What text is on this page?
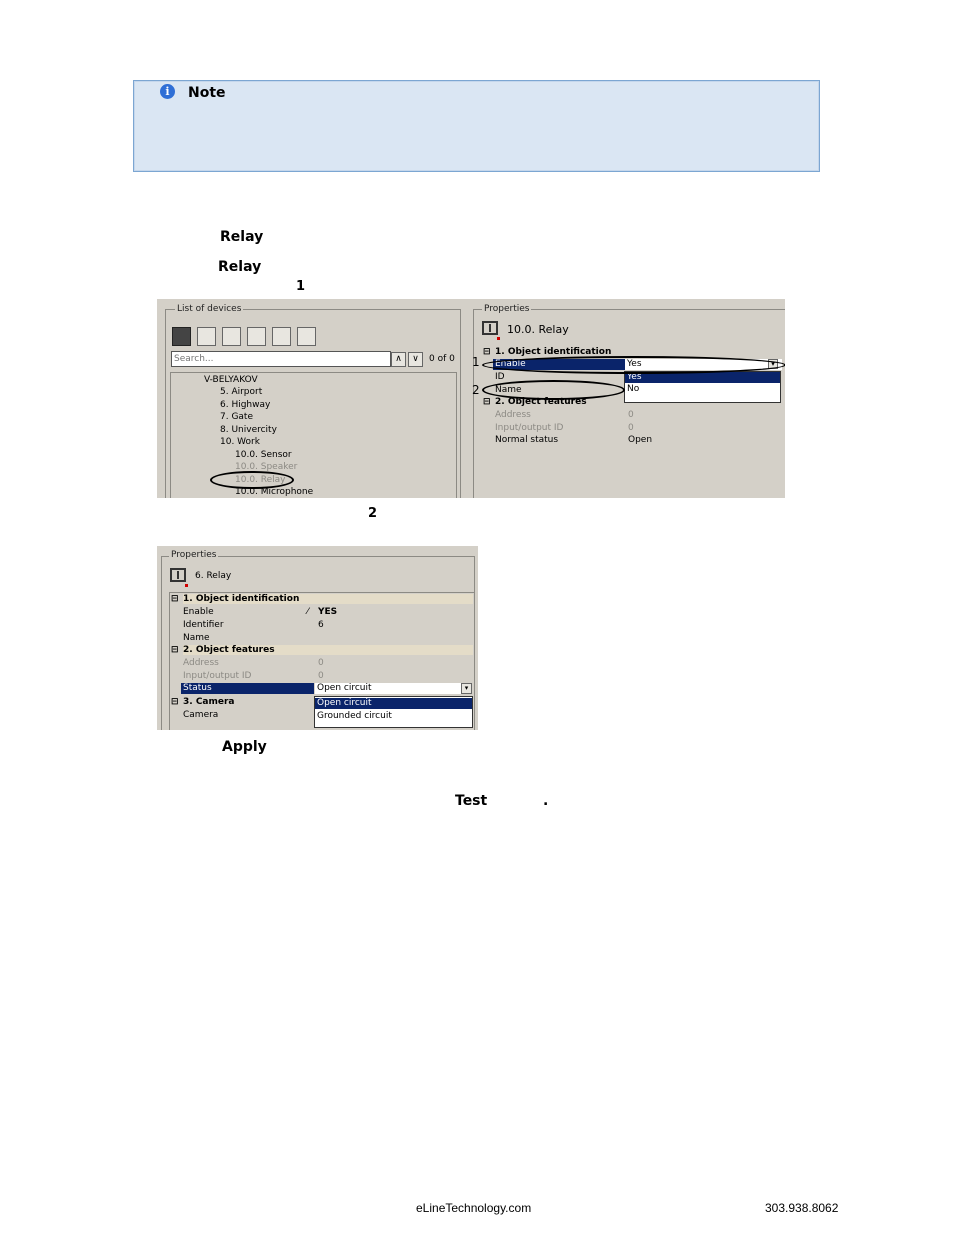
i	Note
Relay
Relay
1
List of devices
Search...
∧	∨	0 of 0
V-BELYAKOV
5. Airport
6. Highway
7. Gate
8. Univercity
10. Work
10.0. Sensor
10.0. Speaker
10.0. Relay
10.0. Microphone
Properties
10.0. Relay
⊟ 1. Object identification
Enable	Yes	▾
Yes
No
ID
Name
⊟ 2. Object features
Address	0
Input/output ID	0
Normal status	Open
1
2
2
Properties
6. Relay
⊟ 1. Object identification
Enable	⁄ YES
Identifier	6
Name
⊟ 2. Object features
Address	0
Input/output ID	0
Status	Open circuit	▾
⊟ 3. Camera
Camera
Open circuit
Grounded circuit
Apply
Test	.
eLineTechnology.com	303.938.8062
